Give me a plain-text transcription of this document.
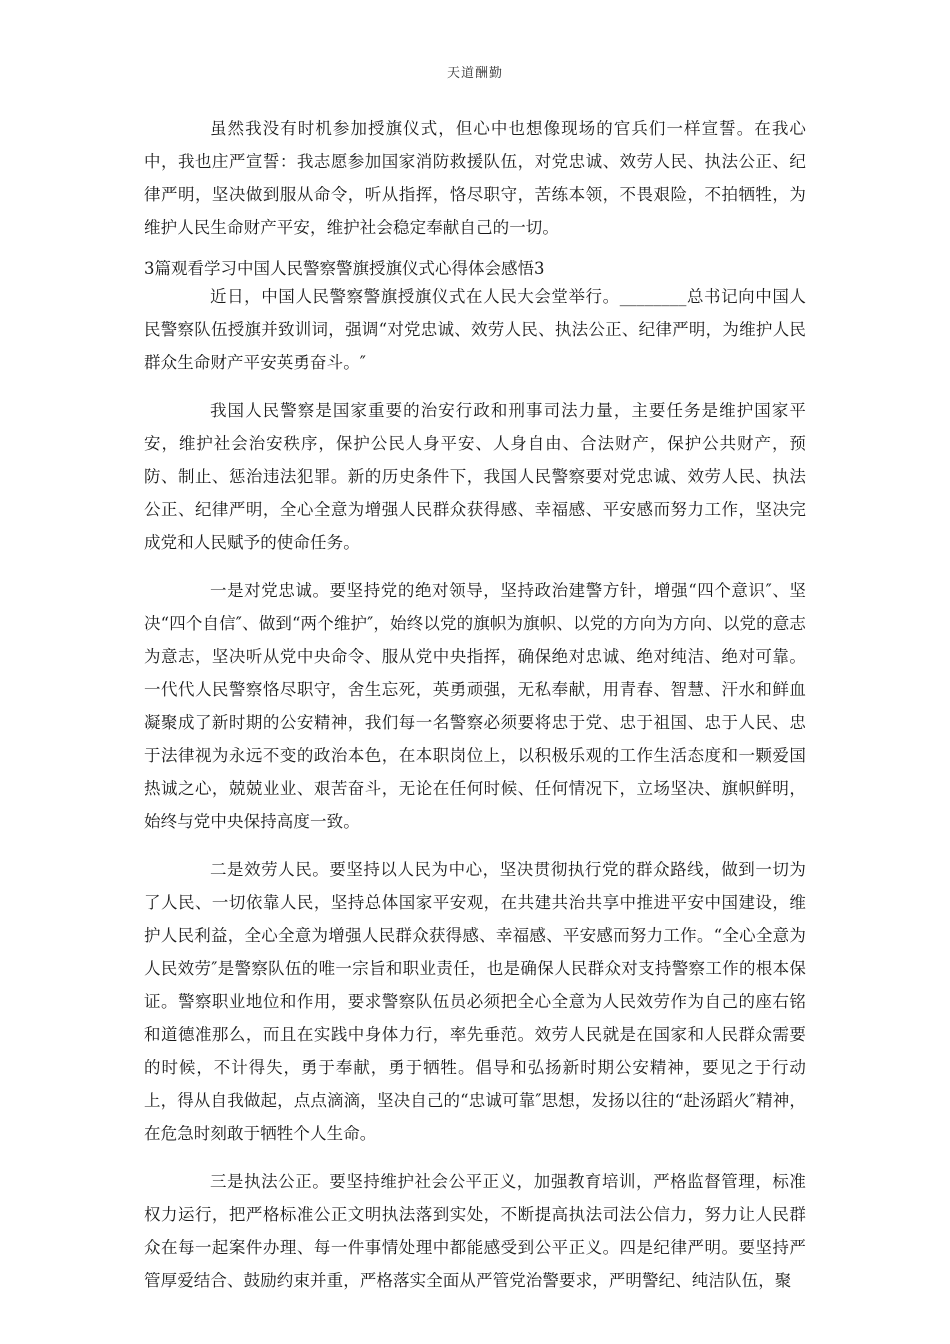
天道酬勤

虽然我没有时机参加授旗仪式，但心中也想像现场的官兵们一样宣誓。在我心中，我也庄严宣誓：我志愿参加国家消防救援队伍，对党忠诚、效劳人民、执法公正、纪律严明，坚决做到服从命令，听从指挥，恪尽职守，苦练本领，不畏艰险，不拍牺牲，为维护人民生命财产平安，维护社会稳定奉献自己的一切。

3篇观看学习中国人民警察警旗授旗仪式心得体会感悟3

近日，中国人民警察警旗授旗仪式在人民大会堂举行。________总书记向中国人民警察队伍授旗并致训词，强调“对党忠诚、效劳人民、执法公正、纪律严明，为维护人民群众生命财产平安英勇奋斗。″

我国人民警察是国家重要的治安行政和刑事司法力量，主要任务是维护国家平安，维护社会治安秩序，保护公民人身平安、人身自由、合法财产，保护公共财产，预防、制止、惩治违法犯罪。新的历史条件下，我国人民警察要对党忠诚、效劳人民、执法公正、纪律严明，全心全意为增强人民群众获得感、幸福感、平安感而努力工作，坚决完成党和人民赋予的使命任务。

一是对党忠诚。要坚持党的绝对领导，坚持政治建警方针，增强“四个意识″、坚决“四个自信″、做到“两个维护″，始终以党的旗帜为旗帜、以党的方向为方向、以党的意志为意志，坚决听从党中央命令、服从党中央指挥，确保绝对忠诚、绝对纯洁、绝对可靠。一代代人民警察恪尽职守，舍生忘死，英勇顽强，无私奉献，用青春、智慧、汗水和鲜血凝聚成了新时期的公安精神，我们每一名警察必须要将忠于党、忠于祖国、忠于人民、忠于法律视为永远不变的政治本色，在本职岗位上，以积极乐观的工作生活态度和一颗爱国热诚之心，兢兢业业、艰苦奋斗，无论在任何时候、任何情况下，立场坚决、旗帜鲜明，始终与党中央保持高度一致。

二是效劳人民。要坚持以人民为中心，坚决贯彻执行党的群众路线，做到一切为了人民、一切依靠人民，坚持总体国家平安观，在共建共治共享中推进平安中国建设，维护人民利益，全心全意为增强人民群众获得感、幸福感、平安感而努力工作。“全心全意为人民效劳″是警察队伍的唯一宗旨和职业责任，也是确保人民群众对支持警察工作的根本保证。警察职业地位和作用，要求警察队伍员必须把全心全意为人民效劳作为自己的座右铭和道德准那么，而且在实践中身体力行，率先垂范。效劳人民就是在国家和人民群众需要的时候，不计得失，勇于奉献，勇于牺牲。倡导和弘扬新时期公安精神，要见之于行动上，得从自我做起，点点滴滴，坚决自己的“忠诚可靠″思想，发扬以往的“赴汤蹈火″精神，在危急时刻敢于牺牲个人生命。

三是执法公正。要坚持维护社会公平正义，加强教育培训，严格监督管理，标准权力运行，把严格标准公正文明执法落到实处，不断提高执法司法公信力，努力让人民群众在每一起案件办理、每一件事情处理中都能感受到公平正义。四是纪律严明。要坚持严管厚爱结合、鼓励约束并重，严格落实全面从严管党治警要求，严明警纪、纯洁队伍，聚
